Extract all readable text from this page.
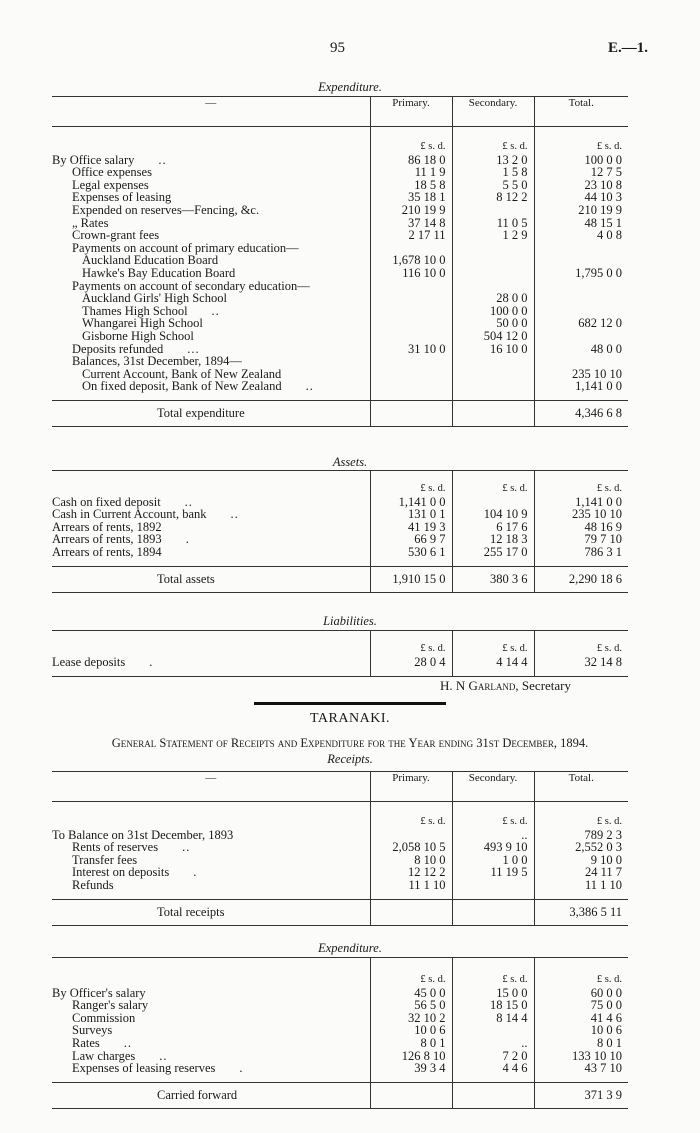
95	E.—1.
Expenditure.
—	Primary.	Secondary.	Total.
	£ s. d.	£ s. d.	£ s. d.
By Office salary ..	86 18 0	13 2 0	100 0 0
Office expenses	11 1 9	1 5 8	12 7 5
Legal expenses	18 5 8	5 5 0	23 10 8
Expenses of leasing	35 18 1	8 12 2	44 10 3
Expended on reserves—Fencing, &c.	210 19 9		210 19 9
„ Rates	37 14 8	11 0 5	48 15 1
Crown-grant fees	2 17 11	1 2 9	4 0 8
Payments on account of primary education—			
Auckland Education Board	1,678 10 0		
Hawke's Bay Education Board	116 10 0		1,795 0 0
Payments on account of secondary education—			
Auckland Girls' High School		28 0 0	
Thames High School ..		100 0 0	
Whangarei High School		50 0 0	682 12 0
Gisborne High School		504 12 0	
Deposits refunded ...	31 10 0	16 10 0	48 0 0
Balances, 31st December, 1894—			
Current Account, Bank of New Zealand			235 10 10
On fixed deposit, Bank of New Zealand ..			1,141 0 0

Total expenditure			4,346 6 8
Assets.
	£ s. d.	£ s. d.	£ s. d.
Cash on fixed deposit ..	1,141 0 0		1,141 0 0
Cash in Current Account, bank ..	131 0 1	104 10 9	235 10 10
Arrears of rents, 1892	41 19 3	6 17 6	48 16 9
Arrears of rents, 1893 .	66 9 7	12 18 3	79 7 10
Arrears of rents, 1894	530 6 1	255 17 0	786 3 1

Total assets	1,910 15 0	380 3 6	2,290 18 6
Liabilities.
	£ s. d.	£ s. d.	£ s. d.
Lease deposits .	28 0 4	4 14 4	32 14 8

H. N Garland, Secretary
TARANAKI.
General Statement of Receipts and Expenditure for the Year ending 31st December, 1894.
Receipts.
—	Primary.	Secondary.	Total.
	£ s. d.	£ s. d.	£ s. d.
To Balance on 31st December, 1893		..	789 2 3
Rents of reserves ..	2,058 10 5	493 9 10	2,552 0 3
Transfer fees	8 10 0	1 0 0	9 10 0
Interest on deposits .	12 12 2	11 19 5	24 11 7
Refunds	11 1 10		11 1 10

Total receipts			3,386 5 11
Expenditure.
	£ s. d.	£ s. d.	£ s. d.
By Officer's salary	45 0 0	15 0 0	60 0 0
Ranger's salary	56 5 0	18 15 0	75 0 0
Commission	32 10 2	8 14 4	41 4 6
Surveys	10 0 6		10 0 6
Rates ..	8 0 1	..	8 0 1
Law charges ..	126 8 10	7 2 0	133 10 10
Expenses of leasing reserves .	39 3 4	4 4 6	43 7 10

Carried forward			371 3 9
